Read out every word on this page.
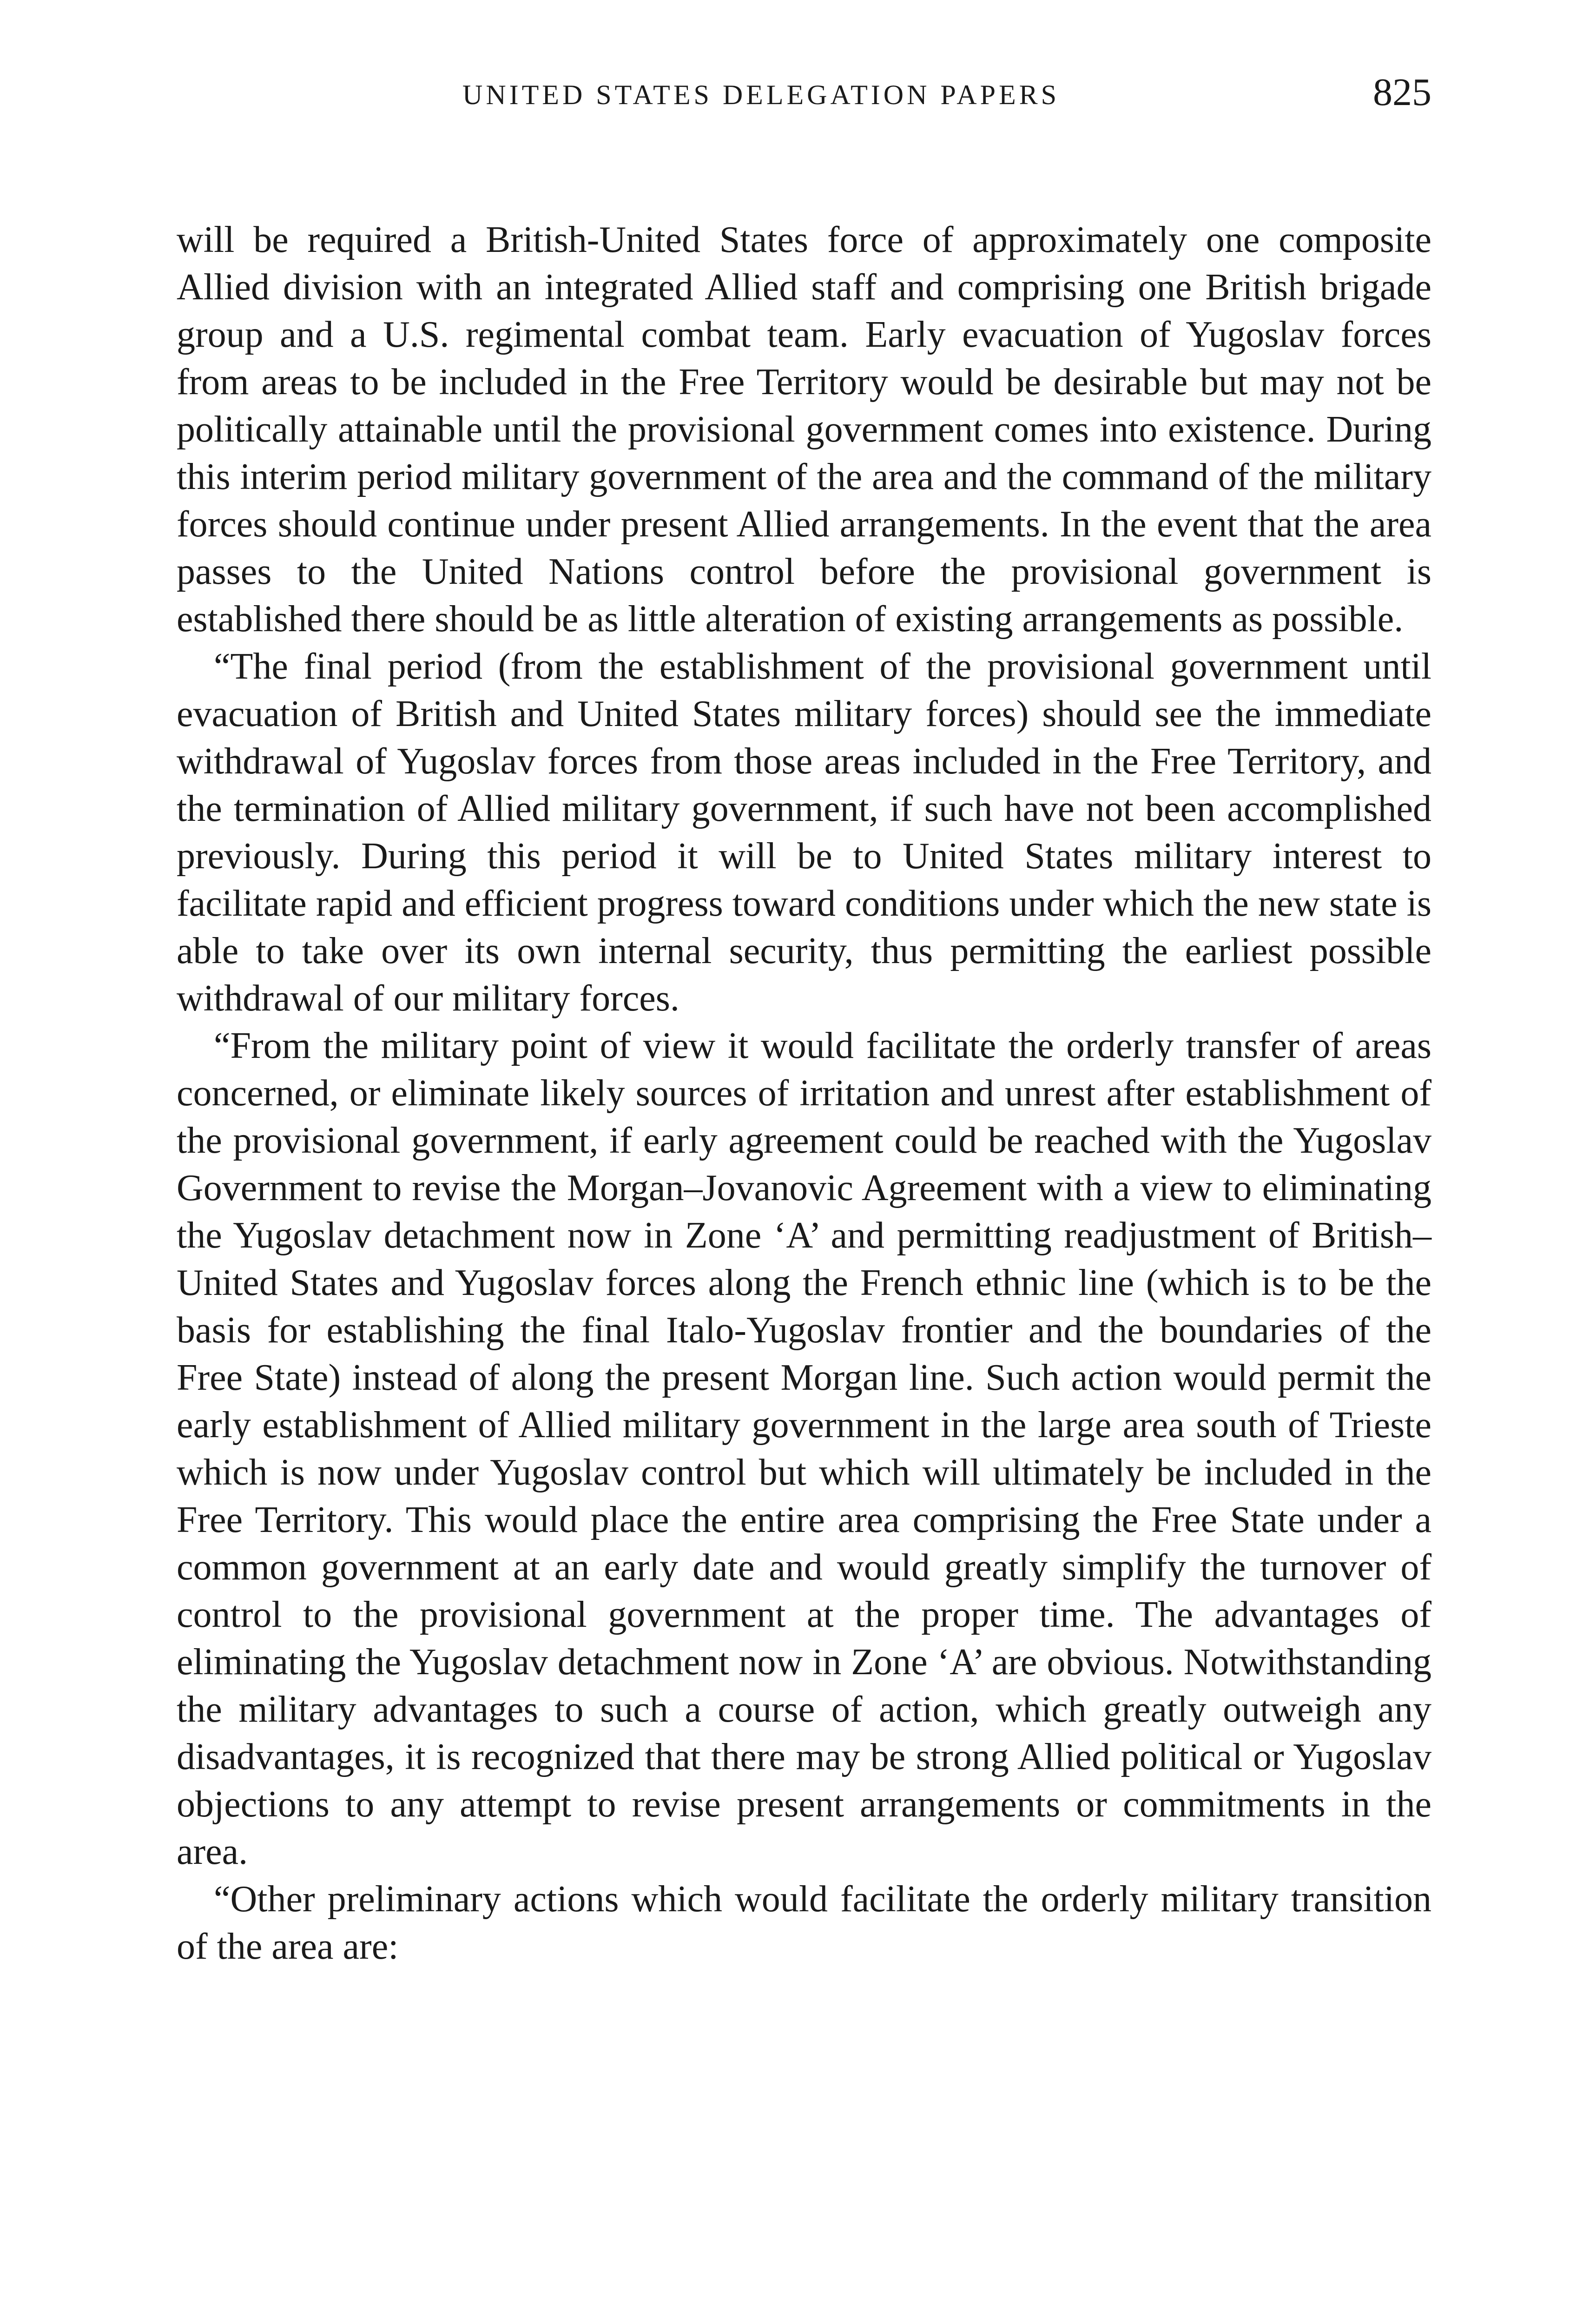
UNITED STATES DELEGATION PAPERS	825

will be required a British-United States force of approximately one composite Allied division with an integrated Allied staff and comprising one British brigade group and a U.S. regimental combat team. Early evacuation of Yugoslav forces from areas to be included in the Free Territory would be desirable but may not be politically attainable until the provisional government comes into existence. During this interim period military government of the area and the command of the military forces should continue under present Allied arrangements. In the event that the area passes to the United Nations control before the provisional government is established there should be as little alteration of existing arrangements as possible.

“The final period (from the establishment of the provisional government until evacuation of British and United States military forces) should see the immediate withdrawal of Yugoslav forces from those areas included in the Free Territory, and the termination of Allied military government, if such have not been accomplished previously. During this period it will be to United States military interest to facilitate rapid and efficient progress toward conditions under which the new state is able to take over its own internal security, thus permitting the earliest possible withdrawal of our military forces.

“From the military point of view it would facilitate the orderly transfer of areas concerned, or eliminate likely sources of irritation and unrest after establishment of the provisional government, if early agreement could be reached with the Yugoslav Government to revise the Morgan–Jovanovic Agreement with a view to eliminating the Yugoslav detachment now in Zone ‘A’ and permitting readjustment of British–United States and Yugoslav forces along the French ethnic line (which is to be the basis for establishing the final Italo-Yugoslav frontier and the boundaries of the Free State) instead of along the present Morgan line. Such action would permit the early establishment of Allied military government in the large area south of Trieste which is now under Yugoslav control but which will ultimately be included in the Free Territory. This would place the entire area comprising the Free State under a common government at an early date and would greatly simplify the turnover of control to the provisional government at the proper time. The advantages of eliminating the Yugoslav detachment now in Zone ‘A’ are obvious. Notwithstanding the military advantages to such a course of action, which greatly outweigh any disadvantages, it is recognized that there may be strong Allied political or Yugoslav objections to any attempt to revise present arrangements or commitments in the area.

“Other preliminary actions which would facilitate the orderly military transition of the area are:
